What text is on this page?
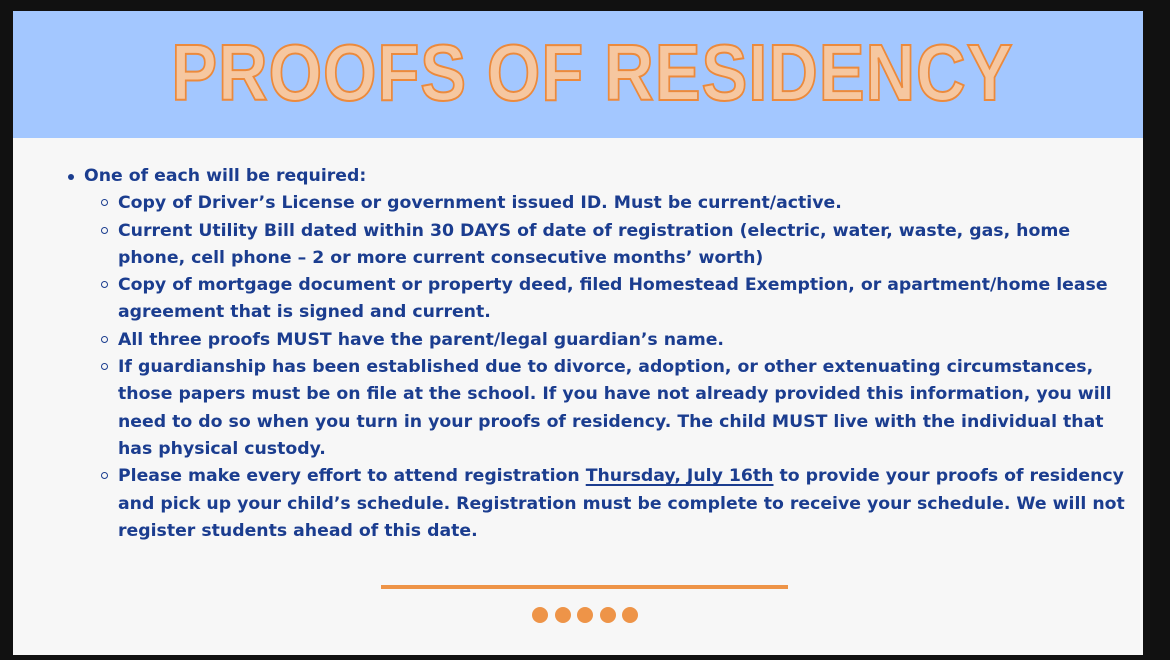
PROOFS OF RESIDENCY
One of each will be required:
Copy of Driver’s License or government issued ID. Must be current/active.
Current Utility Bill dated within 30 DAYS of date of registration (electric, water, waste, gas, home phone, cell phone – 2 or more current consecutive months’ worth)
Copy of mortgage document or property deed, filed Homestead Exemption, or apartment/home lease agreement that is signed and current.
All three proofs MUST have the parent/legal guardian’s name.
If guardianship has been established due to divorce, adoption, or other extenuating circumstances, those papers must be on file at the school. If you have not already provided this information, you will need to do so when you turn in your proofs of residency. The child MUST live with the individual that has physical custody.
Please make every effort to attend registration Thursday, July 16th to provide your proofs of residency and pick up your child’s schedule. Registration must be complete to receive your schedule. We will not register students ahead of this date.
